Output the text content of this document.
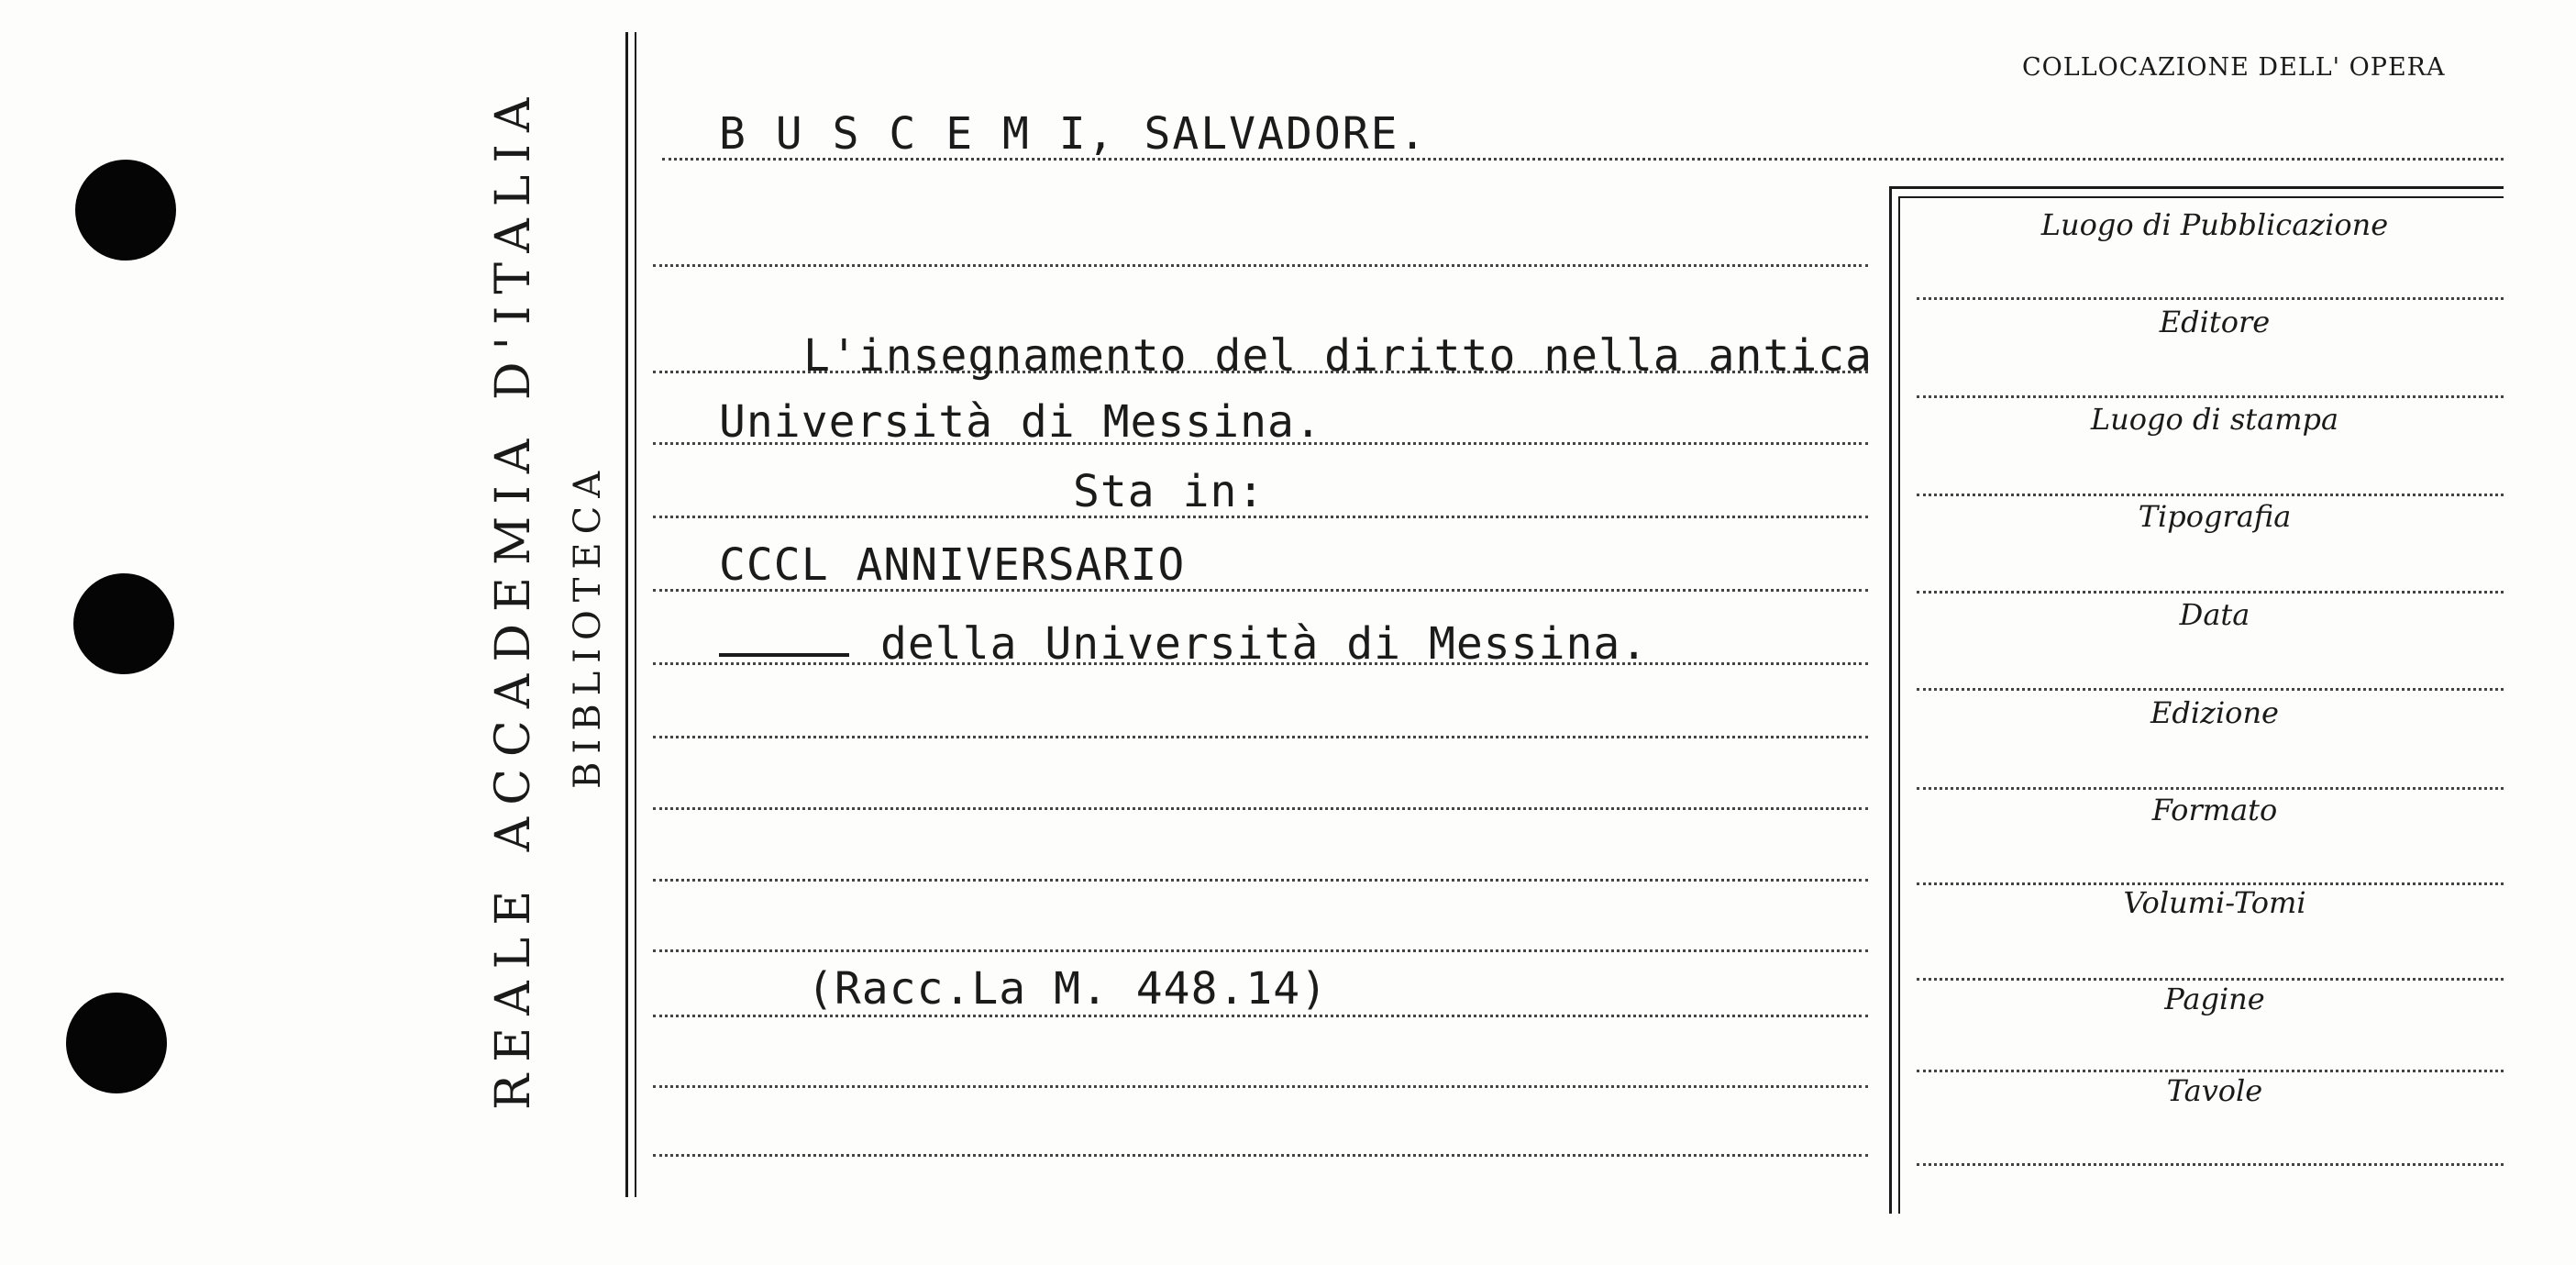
REALE ACCADEMIA D'ITALIA BIBLIOTECA
B U S C E M I, SALVADORE.
L'insegnamento del diritto nella antica
Università di Messina.
Sta in:
CCCL ANNIVERSARIO
della Università di Messina.
(Racc.La M. 448.14)
COLLOCAZIONE DELL' OPERA
Luogo di Pubblicazione
Editore
Luogo di stampa
Tipografia
Data
Edizione
Formato
Volumi-Tomi
Pagine
Tavole
